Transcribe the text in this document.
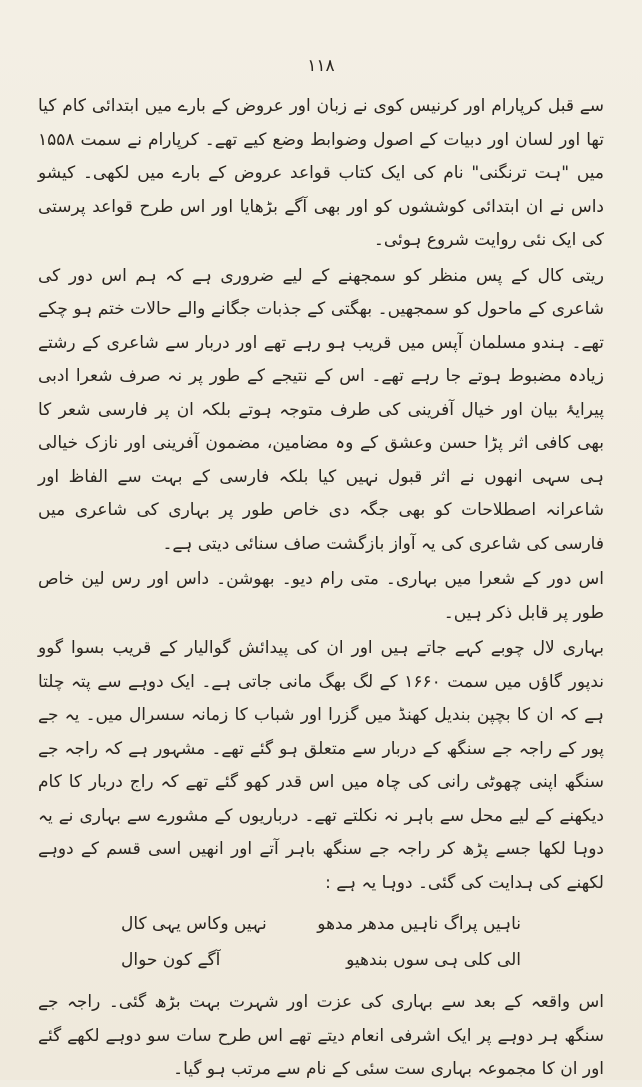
۱۱۸

سے قبل کرپارام اور کرنیس کوی نے زبان اور عروض کے بارے میں ابتدائی کام کیا تھا اور لسان اور دبیات کے اصول وضوابط وضع کیے تھے۔ کرپارام نے سمت ۱۵۵۸ میں "ہت ترنگنی" نام کی ایک کتاب قواعد عروض کے بارے میں لکھی۔ کیشو داس نے ان ابتدائی کوششوں کو اور بھی آگے بڑھایا اور اس طرح قواعد پرستی کی ایک نئی روایت شروع ہوئی۔

ریتی کال کے پس منظر کو سمجھنے کے لیے ضروری ہے کہ ہم اس دور کی شاعری کے ماحول کو سمجھیں۔ بھگتی کے جذبات جگانے والے حالات ختم ہو چکے تھے۔ ہندو مسلمان آپس میں قریب ہو رہے تھے اور دربار سے شاعری کے رشتے زیادہ مضبوط ہوتے جا رہے تھے۔ اس کے نتیجے کے طور پر نہ صرف شعرا ادبی پیرایۂ بیان اور خیال آفرینی کی طرف متوجہ ہوتے بلکہ ان پر فارسی شعر کا بھی کافی اثر پڑا حسن وعشق کے وہ مضامین، مضمون آفرینی اور نازک خیالی ہی سہی انھوں نے اثر قبول نہیں کیا بلکہ فارسی کے بہت سے الفاظ اور شاعرانہ اصطلاحات کو بھی جگہ دی خاص طور پر بہاری کی شاعری میں فارسی کی شاعری کی یہ آواز بازگشت صاف سنائی دیتی ہے۔

اس دور کے شعرا میں بہاری۔ متی رام دیو۔ بھوشن۔ داس اور رس لین خاص طور پر قابل ذکر ہیں۔

بہاری لال چوبے کہے جاتے ہیں اور ان کی پیدائش گوالیار کے قریب بسوا گوو ندپور گاؤں میں سمت ۱۶۶۰ کے لگ بھگ مانی جاتی ہے۔ ایک دوہے سے پتہ چلتا ہے کہ ان کا بچپن بندیل کھنڈ میں گزرا اور شباب کا زمانہ سسرال میں۔ یہ جے پور کے راجہ جے سنگھ کے دربار سے متعلق ہو گئے تھے۔ مشہور ہے کہ راجہ جے سنگھ اپنی چھوٹی رانی کی چاہ میں اس قدر کھو گئے تھے کہ راج دربار کا کام دیکھنے کے لیے محل سے باہر نہ نکلتے تھے۔ درباریوں کے مشورے سے بہاری نے یہ دوہا لکھا جسے پڑھ کر راجہ جے سنگھ باہر آتے اور انھیں اسی قسم کے دوہے لکھنے کی ہدایت کی گئی۔ دوہا یہ ہے :

ناہیں پراگ ناہیں مدھر مدھو
نہیں وکاس یہی کال
الی کلی ہی سوں بندھیو
آگے کون حوال

اس واقعہ کے بعد سے بہاری کی عزت اور شہرت بہت بڑھ گئی۔ راجہ جے سنگھ ہر دوہے پر ایک اشرفی انعام دیتے تھے اس طرح سات سو دوہے لکھے گئے اور ان کا مجموعہ بہاری ست سئی کے نام سے مرتب ہو گیا۔
